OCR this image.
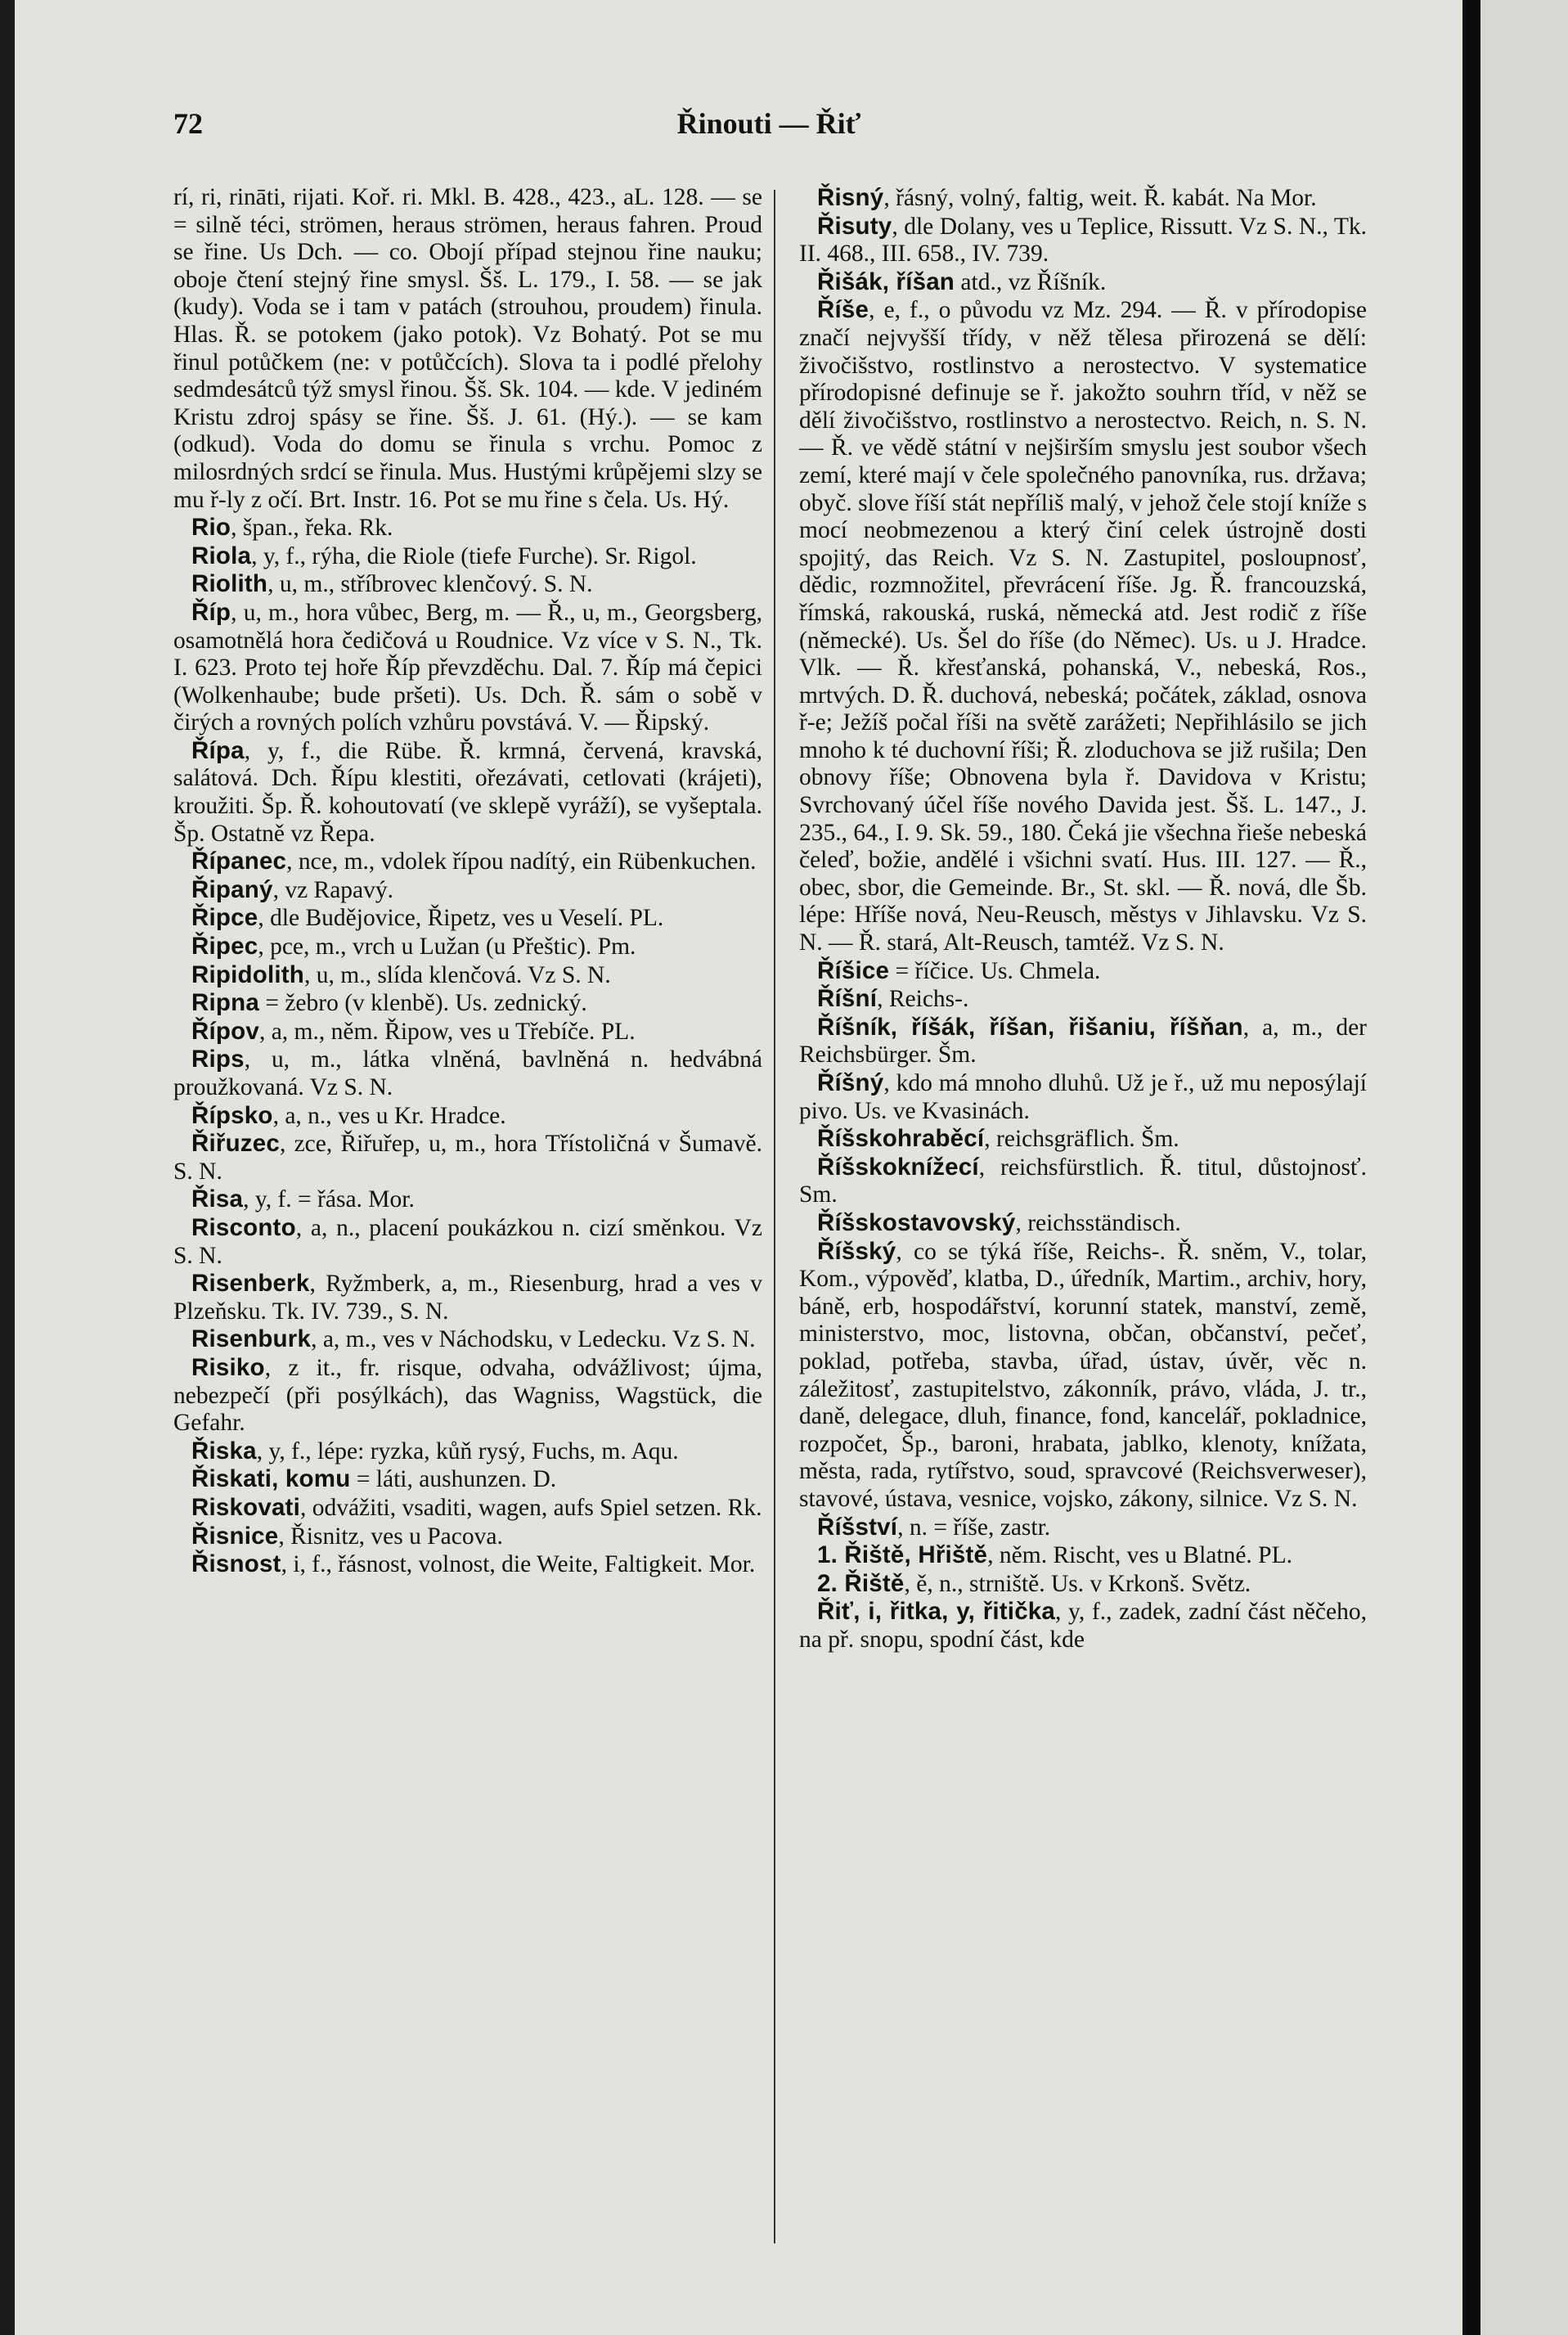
72	Řinouti — Řiť

rí, ri, rināti, rijati. Koř. ri. Mkl. B. 428., 423., aL. 128. — se = silně téci, strömen, heraus strömen, heraus fahren. Proud se řine. Us Dch. — co. Obojí případ stejnou řine nauku; oboje čtení stejný řine smysl. Šš. L. 179., I. 58. — se jak (kudy). Voda se i tam v patách (strouhou, proudem) řinula. Hlas. Ř. se potokem (jako potok). Vz Bohatý. Pot se mu řinul potůčkem (ne: v potůčcích). Slova ta i podlé přelohy sedmdesátců týž smysl řinou. Šš. Sk. 104. — kde. V jediném Kristu zdroj spásy se řine. Šš. J. 61. (Hý.). — se kam (odkud). Voda do domu se řinula s vrchu. Pomoc z milosrdných srdcí se řinula. Mus. Hustými krůpějemi slzy se mu ř-ly z očí. Brt. Instr. 16. Pot se mu řine s čela. Us. Hý.

Rio, špan., řeka. Rk.

Riola, y, f., rýha, die Riole (tiefe Furche). Sr. Rigol.

Riolith, u, m., stříbrovec klenčový. S. N.

Říp, u, m., hora vůbec, Berg, m. — Ř., u, m., Georgsberg, osamotnělá hora čedičová u Roudnice. Vz více v S. N., Tk. I. 623. Proto tej hoře Říp převzděchu. Dal. 7. Říp má čepici (Wolkenhaube; bude pršeti). Us. Dch. Ř. sám o sobě v čirých a rovných polích vzhůru povstává. V. — Řipský.

Řípa, y, f., die Rübe. Ř. krmná, červená, kravská, salátová. Dch. Řípu klestiti, ořezávati, cetlovati (krájeti), kroužiti. Šp. Ř. kohoutovatí (ve sklepě vyráží), se vyšeptala. Šp. Ostatně vz Řepa.

Řípanec, nce, m., vdolek řípou nadítý, ein Rübenkuchen.

Řipaný, vz Rapavý.

Řipce, dle Budějovice, Řipetz, ves u Veselí. PL.

Řipec, pce, m., vrch u Lužan (u Přeštic). Pm.

Ripidolith, u, m., slída klenčová. Vz S. N.

Ripna = žebro (v klenbě). Us. zednický.

Řípov, a, m., něm. Řipow, ves u Třebíče. PL.

Rips, u, m., látka vlněná, bavlněná n. hedvábná proužkovaná. Vz S. N.

Řípsko, a, n., ves u Kr. Hradce.

Řiřuzec, zce, Řiřuřep, u, m., hora Třístoličná v Šumavě. S. N.

Řisa, y, f. = řása. Mor.

Risconto, a, n., placení poukázkou n. cizí směnkou. Vz S. N.

Risenberk, Ryžmberk, a, m., Riesenburg, hrad a ves v Plzeňsku. Tk. IV. 739., S. N.

Risenburk, a, m., ves v Náchodsku, v Ledecku. Vz S. N.

Risiko, z it., fr. risque, odvaha, odvážlivost; újma, nebezpečí (při posýlkách), das Wagniss, Wagstück, die Gefahr.

Řiska, y, f., lépe: ryzka, kůň rysý, Fuchs, m. Aqu.

Řiskati, komu = láti, aushunzen. D.

Riskovati, odvážiti, vsaditi, wagen, aufs Spiel setzen. Rk.

Řisnice, Řisnitz, ves u Pacova.

Řisnost, i, f., řásnost, volnost, die Weite, Faltigkeit. Mor.

Řisný, řásný, volný, faltig, weit. Ř. kabát. Na Mor.

Řisuty, dle Dolany, ves u Teplice, Rissutt. Vz S. N., Tk. II. 468., III. 658., IV. 739.

Řišák, říšan atd., vz Říšník.

Říše, e, f., o původu vz Mz. 294. — Ř. v přírodopise značí nejvyšší třídy, v něž tělesa přirozená se dělí: živočišstvo, rostlinstvo a nerostectvo. V systematice přírodopisné definuje se ř. jakožto souhrn tříd, v něž se dělí živočišstvo, rostlinstvo a nerostectvo. Reich, n. S. N. — Ř. ve vědě státní v nejširším smyslu jest soubor všech zemí, které mají v čele společného panovníka, rus. država; obyč. slove říší stát nepříliš malý, v jehož čele stojí kníže s mocí neobmezenou a který činí celek ústrojně dosti spojitý, das Reich. Vz S. N. Zastupitel, posloupnosť, dědic, rozmnožitel, převrácení říše. Jg. Ř. francouzská, římská, rakouská, ruská, německá atd. Jest rodič z říše (německé). Us. Šel do říše (do Němec). Us. u J. Hradce. Vlk. — Ř. křesťanská, pohanská, V., nebeská, Ros., mrtvých. D. Ř. duchová, nebeská; počátek, základ, osnova ř-e; Ježíš počal říši na světě zarážeti; Nepřihlásilo se jich mnoho k té duchovní říši; Ř. zloduchova se již rušila; Den obnovy říše; Obnovena byla ř. Davidova v Kristu; Svrchovaný účel říše nového Davida jest. Šš. L. 147., J. 235., 64., I. 9. Sk. 59., 180. Čeká jie všechna řieše nebeská čeleď, božie, andělé i všichni svatí. Hus. III. 127. — Ř., obec, sbor, die Gemeinde. Br., St. skl. — Ř. nová, dle Šb. lépe: Hříše nová, Neu-Reusch, městys v Jihlavsku. Vz S. N. — Ř. stará, Alt-Reusch, tamtéž. Vz S. N.

Říšice = říčice. Us. Chmela.

Říšní, Reichs-.

Říšník, říšák, říšan, řišaniu, říšňan, a, m., der Reichsbürger. Šm.

Říšný, kdo má mnoho dluhů. Už je ř., už mu neposýlají pivo. Us. ve Kvasinách.

Říšskohraběcí, reichsgräflich. Šm.

Říšskoknížecí, reichsfürstlich. Ř. titul, důstojnosť. Sm.

Říšskostavovský, reichsständisch.

Říšský, co se týká říše, Reichs-. Ř. sněm, V., tolar, Kom., výpověď, klatba, D., úředník, Martim., archiv, hory, báně, erb, hospodářství, korunní statek, manství, země, ministerstvo, moc, listovna, občan, občanství, pečeť, poklad, potřeba, stavba, úřad, ústav, úvěr, věc n. záležitosť, zastupitelstvo, zákonník, právo, vláda, J. tr., daně, delegace, dluh, finance, fond, kancelář, pokladnice, rozpočet, Šp., baroni, hrabata, jablko, klenoty, knížata, města, rada, rytířstvo, soud, spravcové (Reichsverweser), stavové, ústava, vesnice, vojsko, zákony, silnice. Vz S. N.

Říšství, n. = říše, zastr.

1. Řiště, Hřiště, něm. Rischt, ves u Blatné. PL.

2. Řiště, ě, n., strniště. Us. v Krkonš. Světz.

Řiť, i, řitka, y, řitička, y, f., zadek, zadní část něčeho, na př. snopu, spodní část, kde
